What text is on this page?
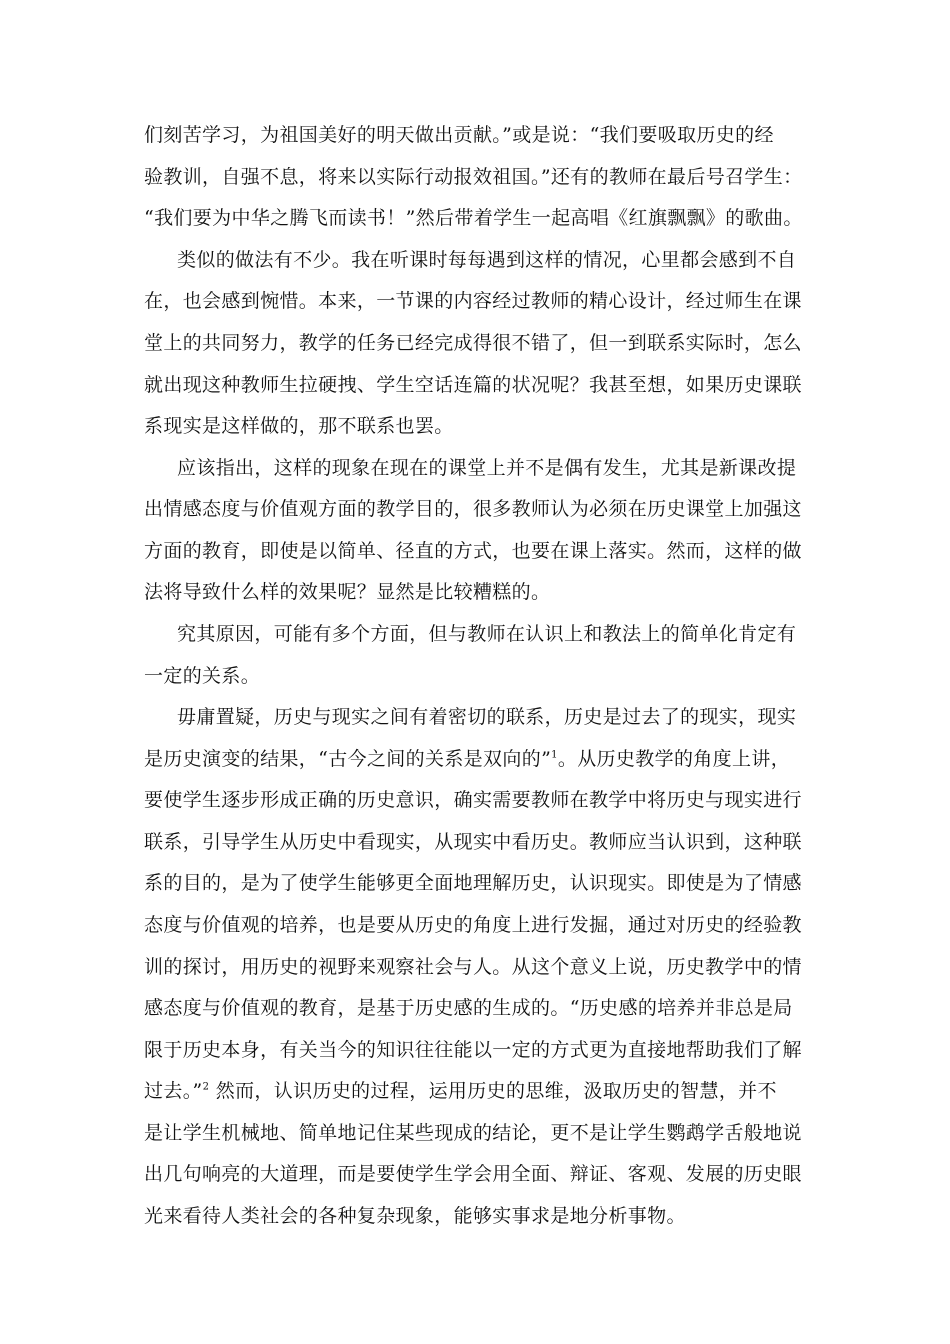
们刻苦学习，为祖国美好的明天做出贡献。”或是说：“我们要吸取历史的经
验教训，自强不息，将来以实际行动报效祖国。”还有的教师在最后号召学生：
“我们要为中华之腾飞而读书！”然后带着学生一起高唱《红旗飘飘》的歌曲。
类似的做法有不少。我在听课时每每遇到这样的情况，心里都会感到不自
在，也会感到惋惜。本来，一节课的内容经过教师的精心设计，经过师生在课
堂上的共同努力，教学的任务已经完成得很不错了，但一到联系实际时，怎么
就出现这种教师生拉硬拽、学生空话连篇的状况呢？我甚至想，如果历史课联
系现实是这样做的，那不联系也罢。
应该指出，这样的现象在现在的课堂上并不是偶有发生，尤其是新课改提
出情感态度与价值观方面的教学目的，很多教师认为必须在历史课堂上加强这
方面的教育，即使是以简单、径直的方式，也要在课上落实。然而，这样的做
法将导致什么样的效果呢？显然是比较糟糕的。
究其原因，可能有多个方面，但与教师在认识上和教法上的简单化肯定有
一定的关系。
毋庸置疑，历史与现实之间有着密切的联系，历史是过去了的现实，现实
是历史演变的结果，“古今之间的关系是双向的”$^1$。从历史教学的角度上讲，
要使学生逐步形成正确的历史意识，确实需要教师在教学中将历史与现实进行
联系，引导学生从历史中看现实，从现实中看历史。教师应当认识到，这种联
系的目的，是为了使学生能够更全面地理解历史，认识现实。即使是为了情感
态度与价值观的培养，也是要从历史的角度上进行发掘，通过对历史的经验教
训的探讨，用历史的视野来观察社会与人。从这个意义上说，历史教学中的情
感态度与价值观的教育，是基于历史感的生成的。“历史感的培养并非总是局
限于历史本身，有关当今的知识往往能以一定的方式更为直接地帮助我们了解
过去。”$^2$ 然而，认识历史的过程，运用历史的思维，汲取历史的智慧，并不
是让学生机械地、简单地记住某些现成的结论，更不是让学生鹦鹉学舌般地说
出几句响亮的大道理，而是要使学生学会用全面、辩证、客观、发展的历史眼
光来看待人类社会的各种复杂现象，能够实事求是地分析事物。
